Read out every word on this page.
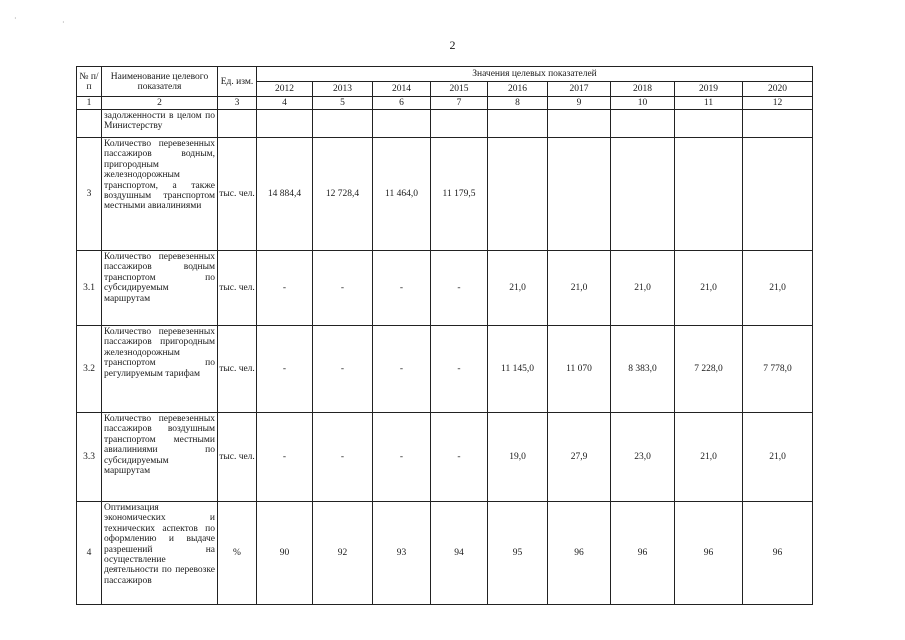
2
·	·
№ п/п	Наименование целевого показателя	Ед. изм.	Значения целевых показателей								
			2012	2013	2014	2015	2016	2017	2018	2019	2020
1	2	3	4	5	6	7	8	9	10	11	12
	задолженности в целом по Министерству										
3	Количество перевезенных пассажиров водным, пригородным железнодорожным транспортом, а также воздушным транспортом местными авиалиниями	тыс. чел.	14 884,4	12 728,4	11 464,0	11 179,5					
3.1	Количество перевезенных пассажиров водным транспортом по субсидируемым маршрутам	тыс. чел.	-	-	-	-	21,0	21,0	21,0	21,0	21,0
3.2	Количество перевезенных пассажиров пригородным железнодорожным транспортом по регулируемым тарифам	тыс. чел.	-	-	-	-	11 145,0	11 070	8 383,0	7 228,0	7 778,0
3.3	Количество перевезенных пассажиров воздушным транспортом местными авиалиниями по субсидируемым маршрутам	тыс. чел.	-	-	-	-	19,0	27,9	23,0	21,0	21,0
4	Оптимизация экономических и технических аспектов по оформлению и выдаче разрешений на осуществление деятельности по перевозке пассажиров	%	90	92	93	94	95	96	96	96	96
